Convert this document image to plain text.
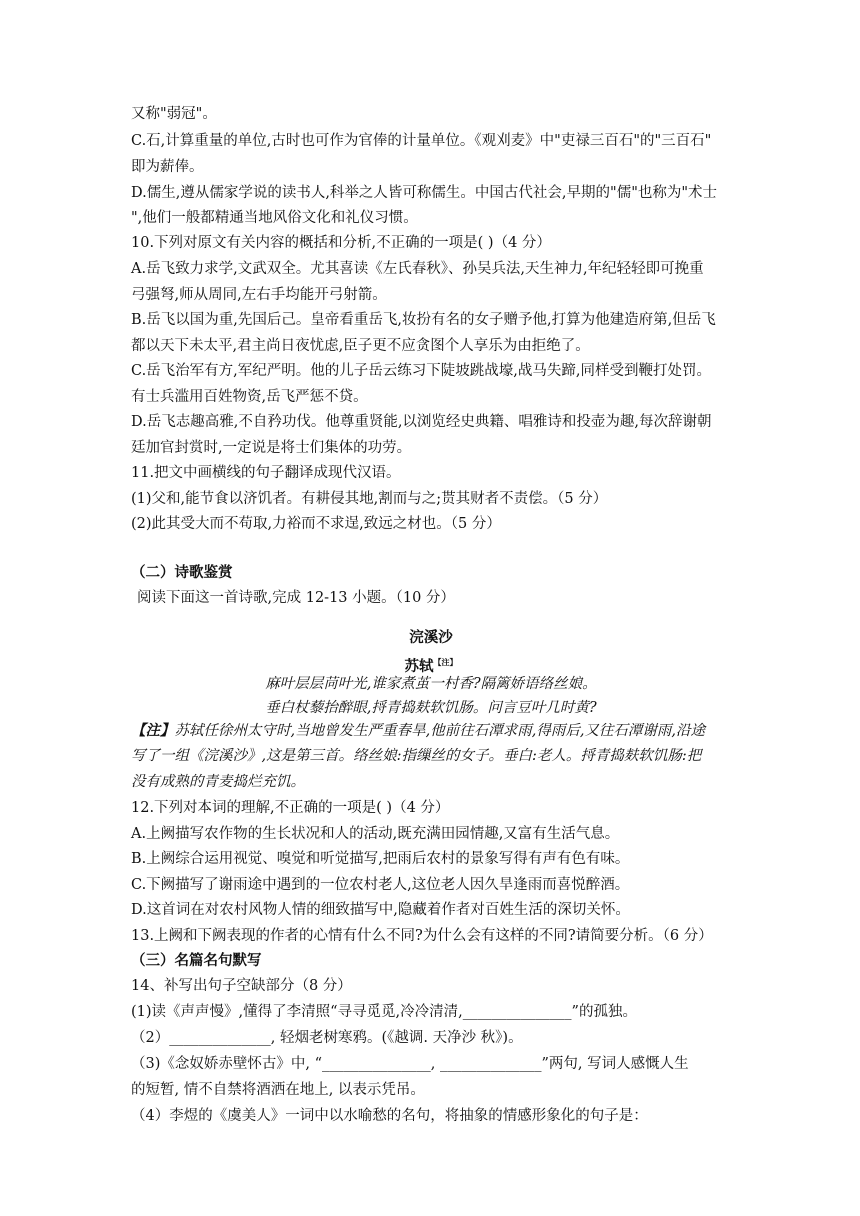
又称"弱冠"。
C.石,计算重量的单位,古时也可作为官俸的计量单位。《观刈麦》中"吏禄三百石"的"三百石"
即为薪俸。
D.儒生,遵从儒家学说的读书人,科举之人皆可称儒生。中国古代社会,早期的"儒"也称为"术士
",他们一般都精通当地风俗文化和礼仪习惯。
10.下列对原文有关内容的概括和分析,不正确的一项是( )（4 分）
A.岳飞致力求学,文武双全。尤其喜读《左氏春秋》、孙吴兵法,天生神力,年纪轻轻即可挽重
弓强弩,师从周同,左右手均能开弓射箭。
B.岳飞以国为重,先国后己。皇帝看重岳飞,妆扮有名的女子赠予他,打算为他建造府第,但岳飞
都以天下未太平,君主尚日夜忧虑,臣子更不应贪图个人享乐为由拒绝了。
C.岳飞治军有方,军纪严明。他的儿子岳云练习下陡坡跳战壕,战马失蹄,同样受到鞭打处罚。
有士兵滥用百姓物资,岳飞严惩不贷。
D.岳飞志趣高雅,不自矜功伐。他尊重贤能,以浏览经史典籍、唱雅诗和投壶为趣,每次辞谢朝
廷加官封赏时,一定说是将士们集体的功劳。
11.把文中画横线的句子翻译成现代汉语。
(1)父和,能节食以济饥者。有耕侵其地,割而与之;贳其财者不责偿。（5 分）
(2)此其受大而不苟取,力裕而不求逞,致远之材也。（5 分）
（二）诗歌鉴赏
阅读下面这一首诗歌,完成 12-13 小题。（10 分）
浣溪沙
苏轼$^{【注】}$
麻叶层层苘叶光,谁家煮茧一村香?隔篱娇语络丝娘。
垂白杖藜抬醉眼,捋青捣麸软饥肠。问言豆叶几时黄?
【注】苏轼任徐州太守时,当地曾发生严重春旱,他前往石潭求雨,得雨后,又往石潭谢雨,沿途
写了一组《浣溪沙》,这是第三首。络丝娘:指缫丝的女子。垂白:老人。捋青捣麸软饥肠:把
没有成熟的青麦捣烂充饥。
12.下列对本词的理解,不正确的一项是( )（4 分）
A.上阙描写农作物的生长状况和人的活动,既充满田园情趣,又富有生活气息。
B.上阙综合运用视觉、嗅觉和听觉描写,把雨后农村的景象写得有声有色有味。
C.下阙描写了谢雨途中遇到的一位农村老人,这位老人因久旱逢雨而喜悦醉酒。
D.这首词在对农村风物人情的细致描写中,隐藏着作者对百姓生活的深切关怀。
13.上阙和下阙表现的作者的心情有什么不同?为什么会有这样的不同?请简要分析。（6 分）
（三）名篇名句默写
14、补写出句子空缺部分（8 分）
(1)读《声声慢》,懂得了李清照“寻寻觅觅,冷冷清清,_______________”的孤独。
（2）______________, 轻烟老树寒鸦。(《越调. 天净沙 秋》)。
（3)《念奴娇赤壁怀古》中, “_______________, ______________”两句, 写词人感慨人生
的短暂, 情不自禁将酒洒在地上, 以表示凭吊。
（4）李煜的《虞美人》一词中以水喻愁的名句，将抽象的情感形象化的句子是：
